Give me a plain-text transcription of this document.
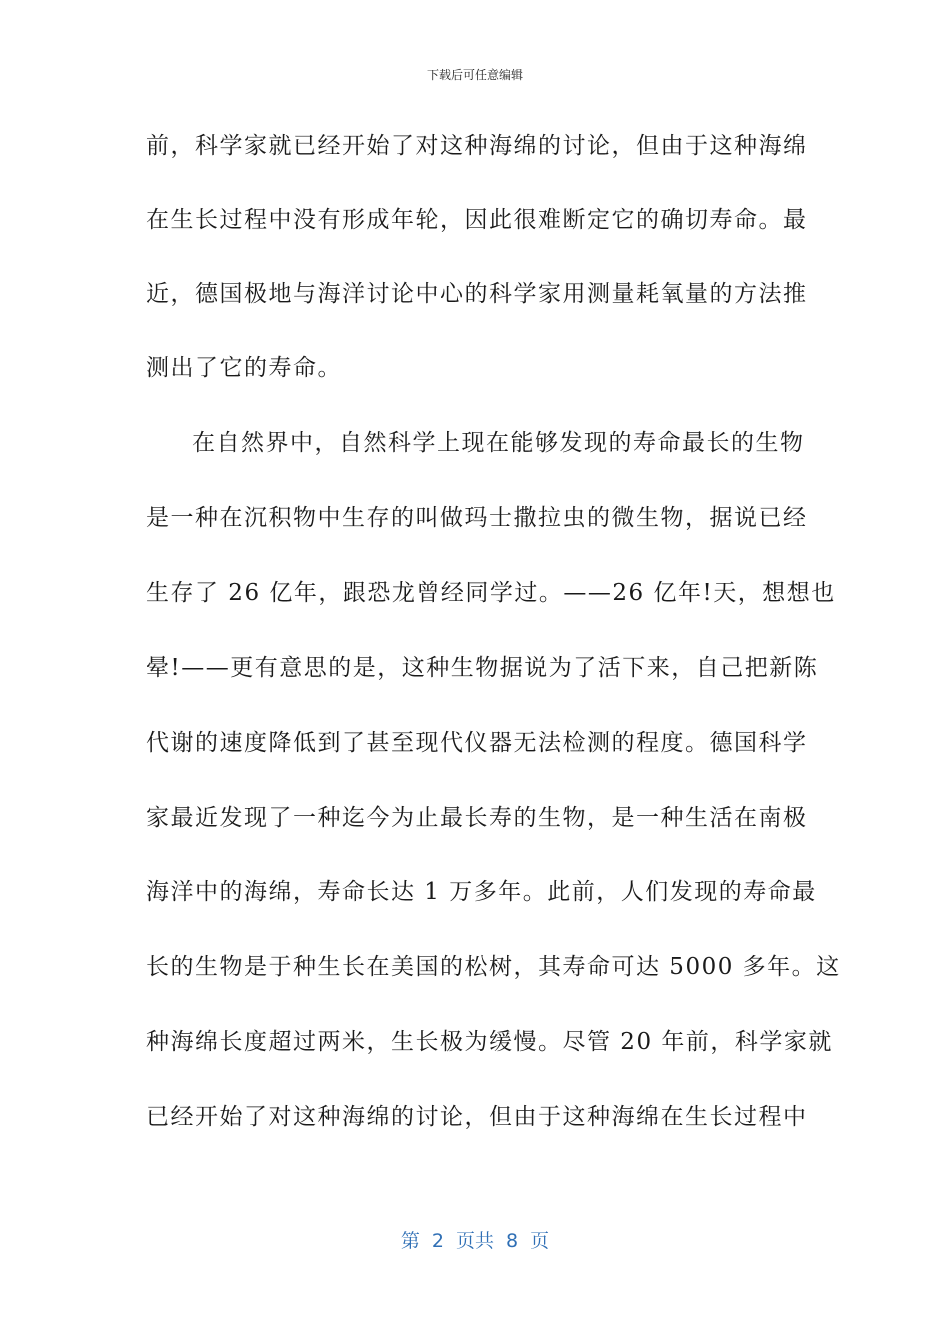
下载后可任意编辑
前，科学家就已经开始了对这种海绵的讨论，但由于这种海绵
在生长过程中没有形成年轮，因此很难断定它的确切寿命。最
近，德国极地与海洋讨论中心的科学家用测量耗氧量的方法推
测出了它的寿命。
在自然界中，自然科学上现在能够发现的寿命最长的生物
是一种在沉积物中生存的叫做玛士撒拉虫的微生物，据说已经
生存了 26 亿年，跟恐龙曾经同学过。——26 亿年!天，想想也
晕!——更有意思的是，这种生物据说为了活下来，自己把新陈
代谢的速度降低到了甚至现代仪器无法检测的程度。德国科学
家最近发现了一种迄今为止最长寿的生物，是一种生活在南极
海洋中的海绵，寿命长达 1 万多年。此前，人们发现的寿命最
长的生物是于种生长在美国的松树，其寿命可达 5000 多年。这
种海绵长度超过两米，生长极为缓慢。尽管 20 年前，科学家就
已经开始了对这种海绵的讨论，但由于这种海绵在生长过程中
第 2 页共 8 页
